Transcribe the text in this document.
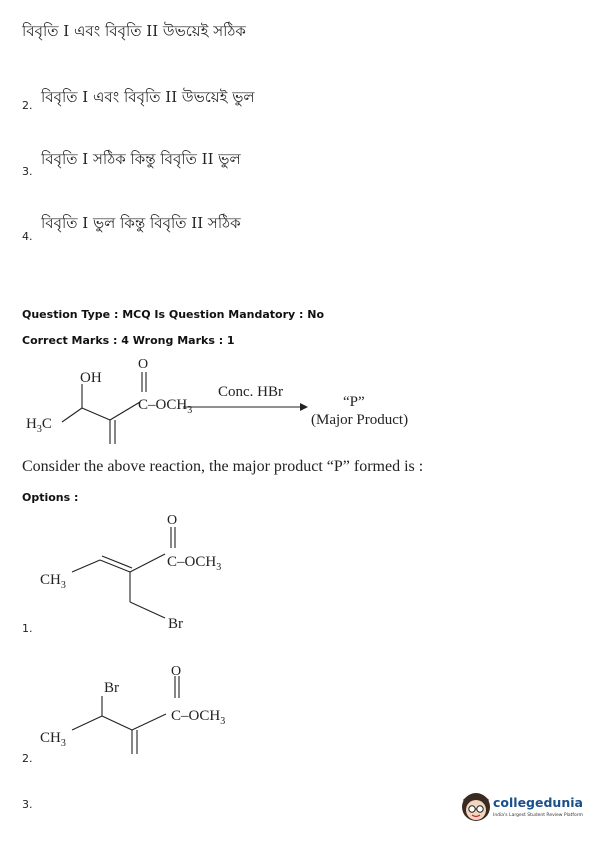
বিবৃতি I এবং বিবৃতি II উভয়েই সঠিক
2. বিবৃতি I এবং বিবৃতি II উভয়েই ভুল
3.
বিবৃতি I সঠিক কিন্তু বিবৃতি II ভুল
4.
বিবৃতি I ভুল কিন্তু বিবৃতি II সঠিক
Question Type : MCQ Is Question Mandatory : No
Correct Marks : 4 Wrong Marks : 1
OH
O
$C-OCH_3$
$H_3C$
Conc. HBr
“P”
(Major Product)
Consider the above reaction, the major product “P” formed is :
Options :
O
$C-OCH_3$
$CH_3$
Br
1.
O
$C-OCH_3$
Br
$CH_3$
2.
3.	collegedunia
India's Largest Student Review Platform
